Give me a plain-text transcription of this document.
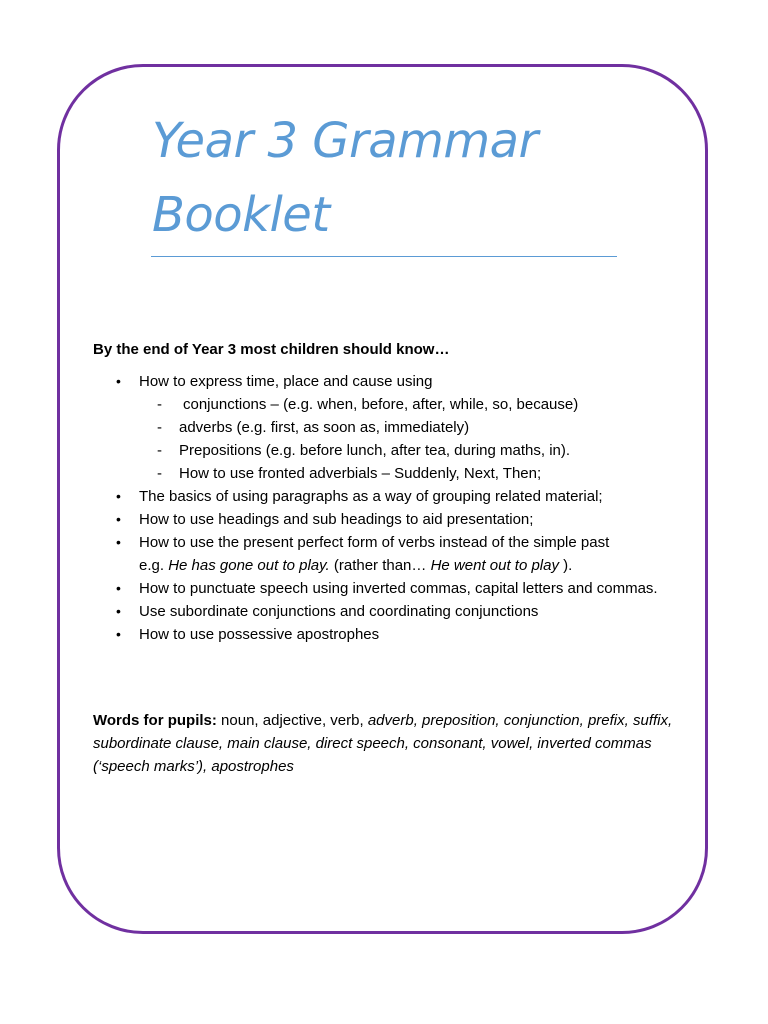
Year 3 Grammar
Booklet

By the end of Year 3 most children should know…

• How to express time, place and cause using
- conjunctions – (e.g. when, before, after, while, so, because)
- adverbs (e.g. first, as soon as, immediately)
- Prepositions (e.g. before lunch, after tea, during maths, in).
- How to use fronted adverbials – Suddenly, Next, Then;
• The basics of using paragraphs as a way of grouping related material;
• How to use headings and sub headings to aid presentation;
• How to use the present perfect form of verbs instead of the simple past
e.g. He has gone out to play. (rather than… He went out to play ).
• How to punctuate speech using inverted commas, capital letters and commas.
• Use subordinate conjunctions and coordinating conjunctions
• How to use possessive apostrophes

Words for pupils: noun, adjective, verb, adverb, preposition, conjunction, prefix, suffix, subordinate clause, main clause, direct speech, consonant, vowel, inverted commas (‘speech marks’), apostrophes
